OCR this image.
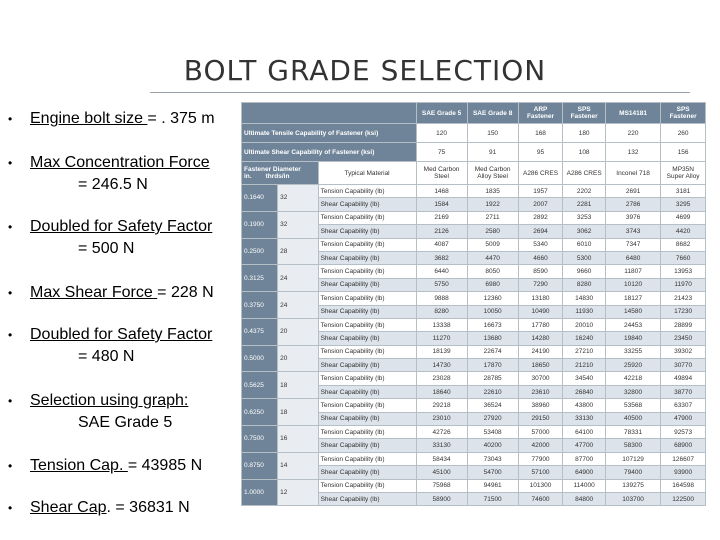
BOLT GRADE SELECTION
• Engine bolt size = . 375 m
• Max Concentration Force
= 246.5 N
• Doubled for Safety Factor
= 500 N
• Max Shear Force = 228 N
• Doubled for Safety Factor
= 480 N
• Selection using graph:
SAE Grade 5
• Tension Cap. = 43985 N
• Shear Cap. = 36831 N
			SAE Grade 5	SAE Grade 8	ARP Fastener	SPS Fastener	MS14181	SPS Fastener
Ultimate Tensile Capability of Fastener (ksi)			120	150	168	180	220	260
Ultimate Shear Capability of Fastener (ksi)			75	91	95	108	132	156

Fastener Diameter
in. thrds/in		Typical Material	Med Carbon Steel	Med Carbon Alloy Steel	A286 CRES	A286 CRES	Inconel 718	MP35N Super Alloy
0.1640	32	Tension Capability (lb)	1468	1835	1957	2202	2691	3181
		Shear Capability (lb)	1584	1922	2007	2281	2786	3295
0.1900	32	Tension Capability (lb)	2169	2711	2892	3253	3976	4699
		Shear Capability (lb)	2126	2580	2694	3062	3743	4420
0.2500	28	Tension Capability (lb)	4087	5009	5340	6010	7347	8682
		Shear Capability (lb)	3682	4470	4660	5300	6480	7660
0.3125	24	Tension Capability (lb)	6440	8050	8590	9660	11807	13953
		Shear Capability (lb)	5750	6980	7290	8280	10120	11970
0.3750	24	Tension Capability (lb)	9888	12360	13180	14830	18127	21423
		Shear Capability (lb)	8280	10050	10490	11930	14580	17230
0.4375	20	Tension Capability (lb)	13338	16673	17780	20010	24453	28899
		Shear Capability (lb)	11270	13680	14280	16240	19840	23450
0.5000	20	Tension Capability (lb)	18139	22674	24190	27210	33255	39302
		Shear Capability (lb)	14730	17870	18650	21210	25920	30770
0.5625	18	Tension Capability (lb)	23028	28785	30700	34540	42218	49894
		Shear Capability (lb)	18640	22610	23610	26840	32800	38770
0.6250	18	Tension Capability (lb)	29218	36524	38960	43800	53568	63307
		Shear Capability (lb)	23010	27920	29150	33130	40500	47900
0.7500	16	Tension Capability (lb)	42726	53408	57000	64100	78331	92573
		Shear Capability (lb)	33130	40200	42000	47700	58300	68900
0.8750	14	Tension Capability (lb)	58434	73043	77900	87700	107129	126607
		Shear Capability (lb)	45100	54700	57100	64900	79400	93900
1.0000	12	Tension Capability (lb)	75968	94961	101300	114000	139275	164598
		Shear Capability (lb)	58900	71500	74600	84800	103700	122500
